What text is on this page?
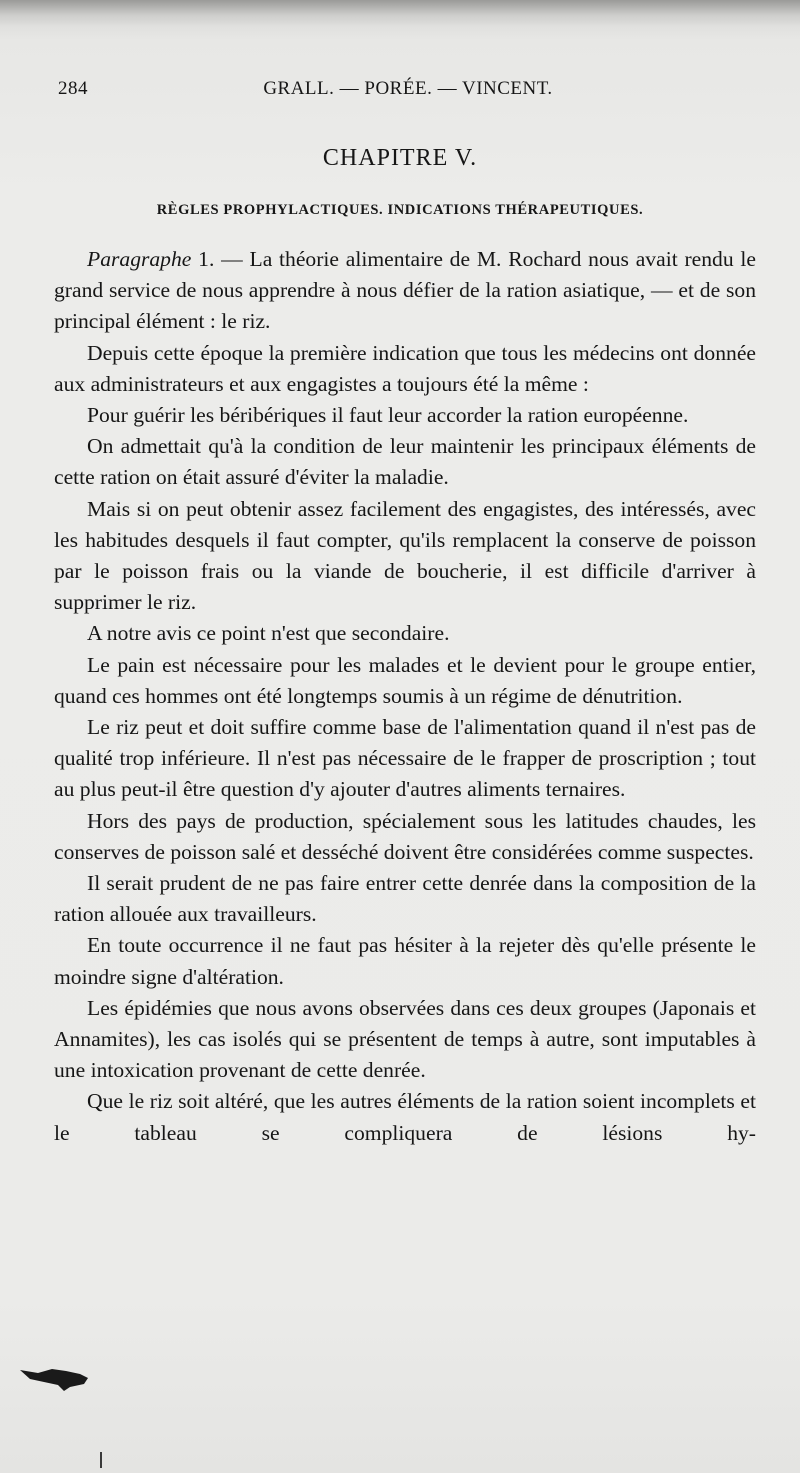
284	GRALL. — PORÉE. — VINCENT.
CHAPITRE V.
RÈGLES PROPHYLACTIQUES. INDICATIONS THÉRAPEUTIQUES.

Paragraphe 1. — La théorie alimentaire de M. Rochard nous avait rendu le grand service de nous apprendre à nous défier de la ration asiatique, — et de son principal élément : le riz.

Depuis cette époque la première indication que tous les médecins ont donnée aux administrateurs et aux engagistes a toujours été la même :

Pour guérir les béribériques il faut leur accorder la ration européenne.

On admettait qu'à la condition de leur maintenir les principaux éléments de cette ration on était assuré d'éviter la maladie.

Mais si on peut obtenir assez facilement des engagistes, des intéressés, avec les habitudes desquels il faut compter, qu'ils remplacent la conserve de poisson par le poisson frais ou la viande de boucherie, il est difficile d'arriver à supprimer le riz.

A notre avis ce point n'est que secondaire.

Le pain est nécessaire pour les malades et le devient pour le groupe entier, quand ces hommes ont été longtemps soumis à un régime de dénutrition.

Le riz peut et doit suffire comme base de l'alimentation quand il n'est pas de qualité trop inférieure. Il n'est pas nécessaire de le frapper de proscription ; tout au plus peut-il être question d'y ajouter d'autres aliments ternaires.

Hors des pays de production, spécialement sous les latitudes chaudes, les conserves de poisson salé et desséché doivent être considérées comme suspectes.

Il serait prudent de ne pas faire entrer cette denrée dans la composition de la ration allouée aux travailleurs.

En toute occurrence il ne faut pas hésiter à la rejeter dès qu'elle présente le moindre signe d'altération.

Les épidémies que nous avons observées dans ces deux groupes (Japonais et Annamites), les cas isolés qui se présentent de temps à autre, sont imputables à une intoxication provenant de cette denrée.

Que le riz soit altéré, que les autres éléments de la ration soient incomplets et le tableau se compliquera de lésions hy-
